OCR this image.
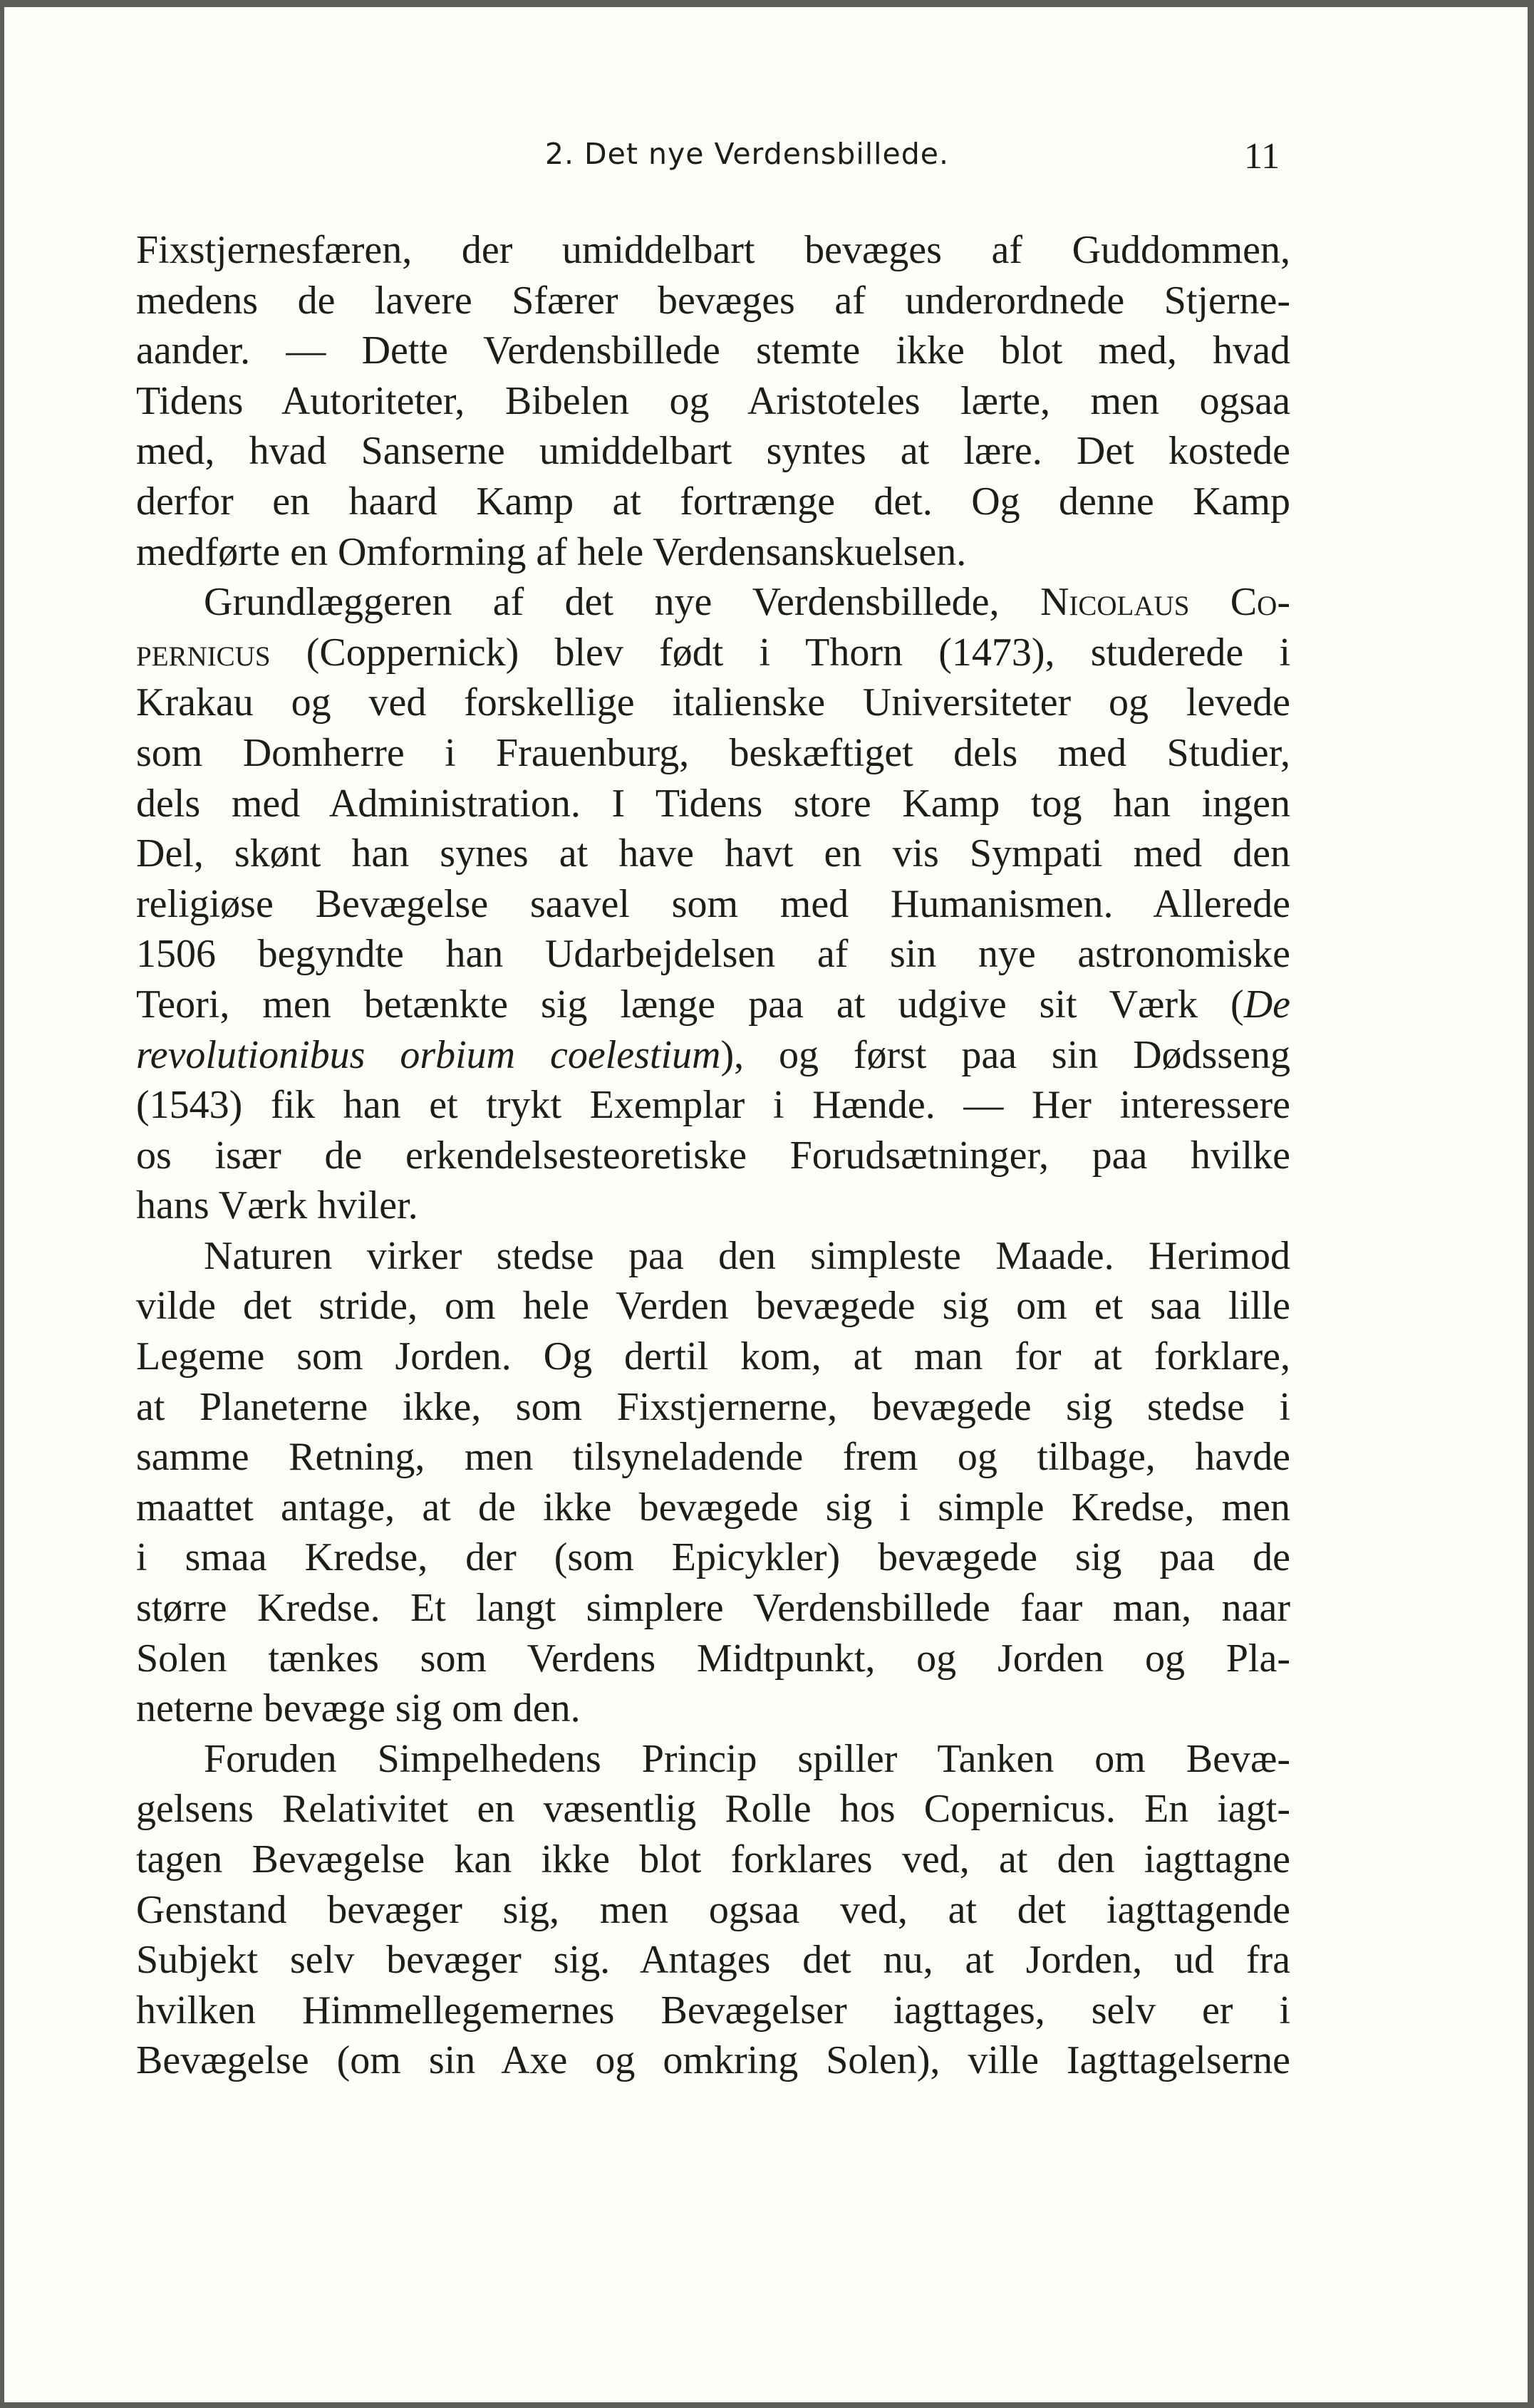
2. Det nye Verdensbillede.	11
Fixstjernesfæren, der umiddelbart bevæges af Guddommen,
medens de lavere Sfærer bevæges af underordnede Stjerne-
aander. — Dette Verdensbillede stemte ikke blot med, hvad
Tidens Autoriteter, Bibelen og Aristoteles lærte, men ogsaa
med, hvad Sanserne umiddelbart syntes at lære. Det kostede
derfor en haard Kamp at fortrænge det. Og denne Kamp
medførte en Omforming af hele Verdensanskuelsen.
Grundlæggeren af det nye Verdensbillede, Nicolaus Co-
pernicus (Coppernick) blev født i Thorn (1473), studerede i
Krakau og ved forskellige italienske Universiteter og levede
som Domherre i Frauenburg, beskæftiget dels med Studier,
dels med Administration. I Tidens store Kamp tog han ingen
Del, skønt han synes at have havt en vis Sympati med den
religiøse Bevægelse saavel som med Humanismen. Allerede
1506 begyndte han Udarbejdelsen af sin nye astronomiske
Teori, men betænkte sig længe paa at udgive sit Værk (De
revolutionibus orbium coelestium), og først paa sin Dødsseng
(1543) fik han et trykt Exemplar i Hænde. — Her interessere
os især de erkendelsesteoretiske Forudsætninger, paa hvilke
hans Værk hviler.
Naturen virker stedse paa den simpleste Maade. Herimod
vilde det stride, om hele Verden bevægede sig om et saa lille
Legeme som Jorden. Og dertil kom, at man for at forklare,
at Planeterne ikke, som Fixstjernerne, bevægede sig stedse i
samme Retning, men tilsyneladende frem og tilbage, havde
maattet antage, at de ikke bevægede sig i simple Kredse, men
i smaa Kredse, der (som Epicykler) bevægede sig paa de
større Kredse. Et langt simplere Verdensbillede faar man, naar
Solen tænkes som Verdens Midtpunkt, og Jorden og Pla-
neterne bevæge sig om den.
Foruden Simpelhedens Princip spiller Tanken om Bevæ-
gelsens Relativitet en væsentlig Rolle hos Copernicus. En iagt-
tagen Bevægelse kan ikke blot forklares ved, at den iagttagne
Genstand bevæger sig, men ogsaa ved, at det iagttagende
Subjekt selv bevæger sig. Antages det nu, at Jorden, ud fra
hvilken Himmellegemernes Bevægelser iagttages, selv er i
Bevægelse (om sin Axe og omkring Solen), ville Iagttagelserne
